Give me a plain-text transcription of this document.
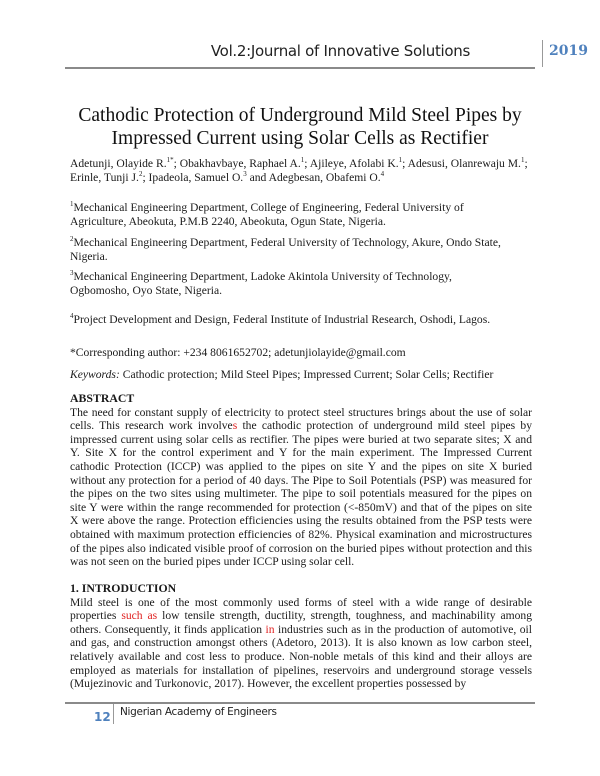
Vol.2:Journal of Innovative Solutions	2019
Cathodic Protection of Underground Mild Steel Pipes by Impressed Current using Solar Cells as Rectifier
Adetunji, Olayide R.$^{1*}$; Obakhavbaye, Raphael A.$^1$; Ajileye, Afolabi K.$^1$; Adesusi, Olanrewaju M.$^1$; Erinle, Tunji J.$^2$; Ipadeola, Samuel O.$^3$ and Adegbesan, Obafemi O.$^4$
$^1$Mechanical Engineering Department, College of Engineering, Federal University of Agriculture, Abeokuta, P.M.B 2240, Abeokuta, Ogun State, Nigeria.
$^2$Mechanical Engineering Department, Federal University of Technology, Akure, Ondo State, Nigeria.
$^3$Mechanical Engineering Department, Ladoke Akintola University of Technology, Ogbomosho, Oyo State, Nigeria.
$^4$Project Development and Design, Federal Institute of Industrial Research, Oshodi, Lagos.
*Corresponding author: +234 8061652702; adetunjiolayide@gmail.com
Keywords: Cathodic protection; Mild Steel Pipes; Impressed Current; Solar Cells; Rectifier
ABSTRACT
The need for constant supply of electricity to protect steel structures brings about the use of solar cells. This research work involves the cathodic protection of underground mild steel pipes by impressed current using solar cells as rectifier. The pipes were buried at two separate sites; X and Y. Site X for the control experiment and Y for the main experiment. The Impressed Current cathodic Protection (ICCP) was applied to the pipes on site Y and the pipes on site X buried without any protection for a period of 40 days. The Pipe to Soil Potentials (PSP) was measured for the pipes on the two sites using multimeter. The pipe to soil potentials measured for the pipes on site Y were within the range recommended for protection (<-850mV) and that of the pipes on site X were above the range. Protection efficiencies using the results obtained from the PSP tests were obtained with maximum protection efficiencies of 82%. Physical examination and microstructures of the pipes also indicated visible proof of corrosion on the buried pipes without protection and this was not seen on the buried pipes under ICCP using solar cell.
1. INTRODUCTION
Mild steel is one of the most commonly used forms of steel with a wide range of desirable properties such as low tensile strength, ductility, strength, toughness, and machinability among others. Consequently, it finds application in industries such as in the production of automotive, oil and gas, and construction amongst others (Adetoro, 2013). It is also known as low carbon steel, relatively available and cost less to produce. Non-noble metals of this kind and their alloys are employed as materials for installation of pipelines, reservoirs and underground storage vessels (Mujezinovic and Turkonovic, 2017). However, the excellent properties possessed by
12 Nigerian Academy of Engineers
